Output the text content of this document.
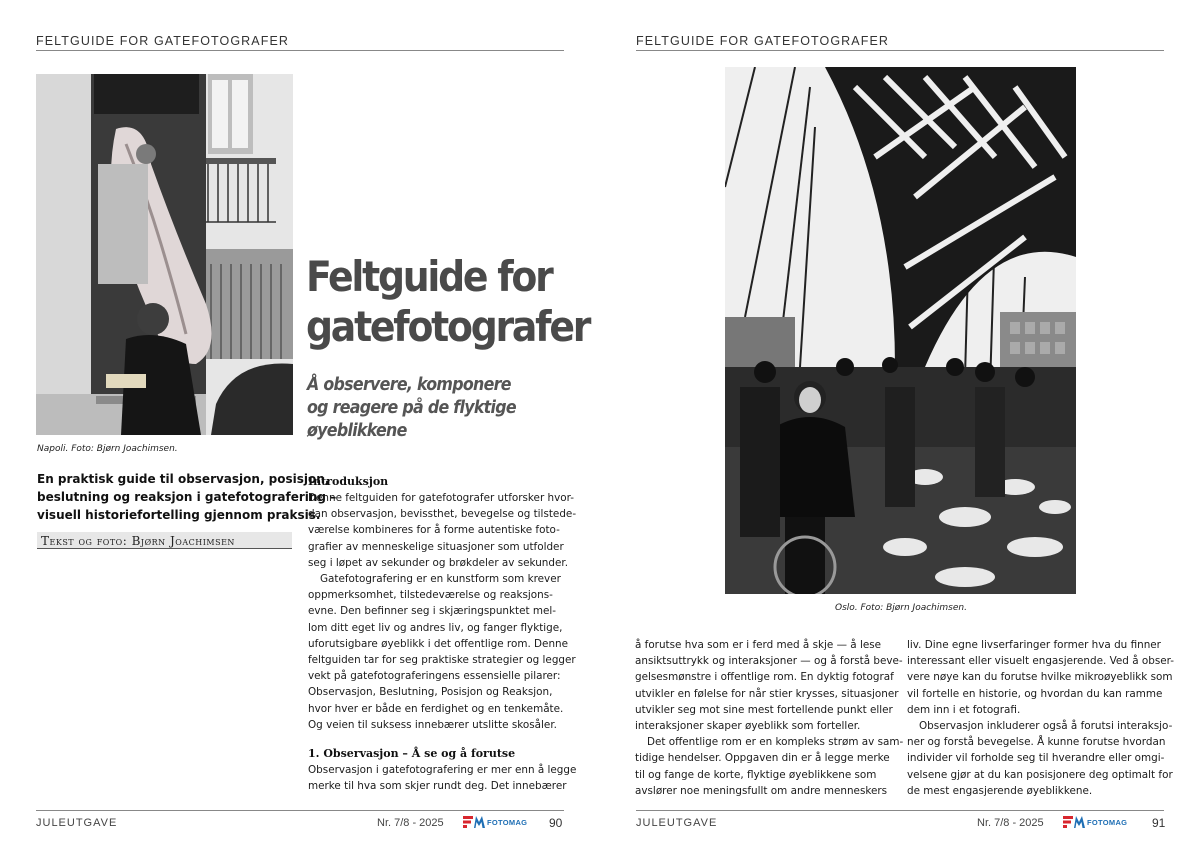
FELTGUIDE FOR GATEFOTOGRAFER
Napoli. Foto: Bjørn Joachimsen.
Feltguide for
gatefotografer
Å observere, komponere
og reagere på de flyktige
øyeblikkene

En praktisk guide til observasjon, posisjon,
beslutning og reaksjon i gatefotografering –
visuell historiefortelling gjennom praksis.

Tekst og foto: Bjørn Joachimsen
Introduksjon

Denne feltguiden for gatefotografer utforsker hvor-
dan observasjon, bevissthet, bevegelse og tilstede-
værelse kombineres for å forme autentiske foto-
grafier av menneskelige situasjoner som utfolder
seg i løpet av sekunder og brøkdeler av sekunder.

Gatefotografering er en kunstform som krever
oppmerksomhet, tilstedeværelse og reaksjons-
evne. Den befinner seg i skjæringspunktet mel-
lom ditt eget liv og andres liv, og fanger flyktige,
uforutsigbare øyeblikk i det offentlige rom. Denne
feltguiden tar for seg praktiske strategier og legger
vekt på gatefotograferingens essensielle pilarer:
Observasjon, Beslutning, Posisjon og Reaksjon,
hvor hver er både en ferdighet og en tenkemåte.
Og veien til suksess innebærer utslitte skosåler.

1. Observasjon – Å se og å forutse

Observasjon i gatefotografering er mer enn å legge
merke til hva som skjer rundt deg. Det innebærer

JULEUTGAVE	Nr. 7/8 - 2025	FOTOMAG 90
FELTGUIDE FOR GATEFOTOGRAFER
Oslo. Foto: Bjørn Joachimsen.

å forutse hva som er i ferd med å skje — å lese
ansiktsuttrykk og interaksjoner — og å forstå beve-
gelsesmønstre i offentlige rom. En dyktig fotograf
utvikler en følelse for når stier krysses, situasjoner
utvikler seg mot sine mest fortellende punkt eller
interaksjoner skaper øyeblikk som forteller.

Det offentlige rom er en kompleks strøm av sam-
tidige hendelser. Oppgaven din er å legge merke
til og fange de korte, flyktige øyeblikkene som
avslører noe meningsfullt om andre menneskers

liv. Dine egne livserfaringer former hva du finner
interessant eller visuelt engasjerende. Ved å obser-
vere nøye kan du forutse hvilke mikroøyeblikk som
vil fortelle en historie, og hvordan du kan ramme
dem inn i et fotografi.

Observasjon inkluderer også å forutsi interaksjo-
ner og forstå bevegelse. Å kunne forutse hvordan
individer vil forholde seg til hverandre eller omgi-
velsene gjør at du kan posisjonere deg optimalt for
de mest engasjerende øyeblikkene.

JULEUTGAVE	Nr. 7/8 - 2025	FOTOMAG 91
